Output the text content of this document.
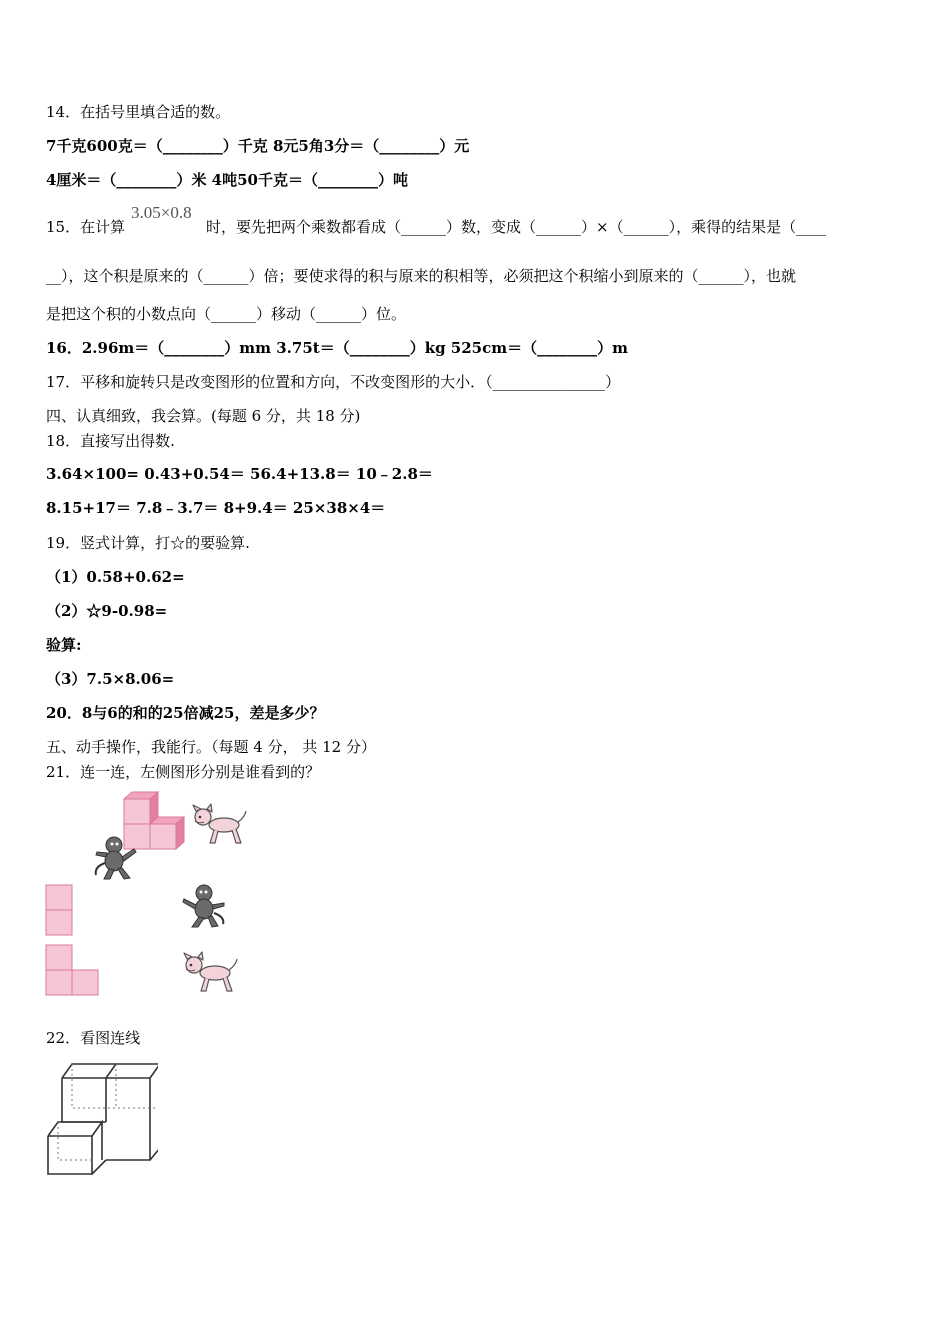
14．在括号里填合适的数。
7千克600克＝（________）千克 8元5角3分＝（________）元
4厘米＝（________）米 4吨50千克＝（________）吨
15．在计算
3.05×0.8
时，要先把两个乘数都看成（______）数，变成（______）×（______），乘得的结果是（____
__），这个积是原来的（______）倍；要使求得的积与原来的积相等，必须把这个积缩小到原来的（______），也就
是把这个积的小数点向（______）移动（______）位。
16．2.96m＝（________）mm 3.75t＝（________）kg 525cm＝（________）m
17．平移和旋转只是改变图形的位置和方向，不改变图形的大小．（_______________）
四、认真细致，我会算。(每题 6 分，共 18 分)
18．直接写出得数.
3.64×100= 0.43+0.54＝ 56.4+13.8＝ 10﹣2.8＝
8.15+17＝ 7.8﹣3.7＝ 8+9.4＝ 25×38×4＝
19．竖式计算，打☆的要验算.
（1）0.58+0.62=
（2）☆9-0.98=
验算:
（3）7.5×8.06=
20．8与6的和的25倍减25，差是多少？
五、动手操作，我能行。（每题 4 分， 共 12 分）
21．连一连，左侧图形分别是谁看到的？
22．看图连线
